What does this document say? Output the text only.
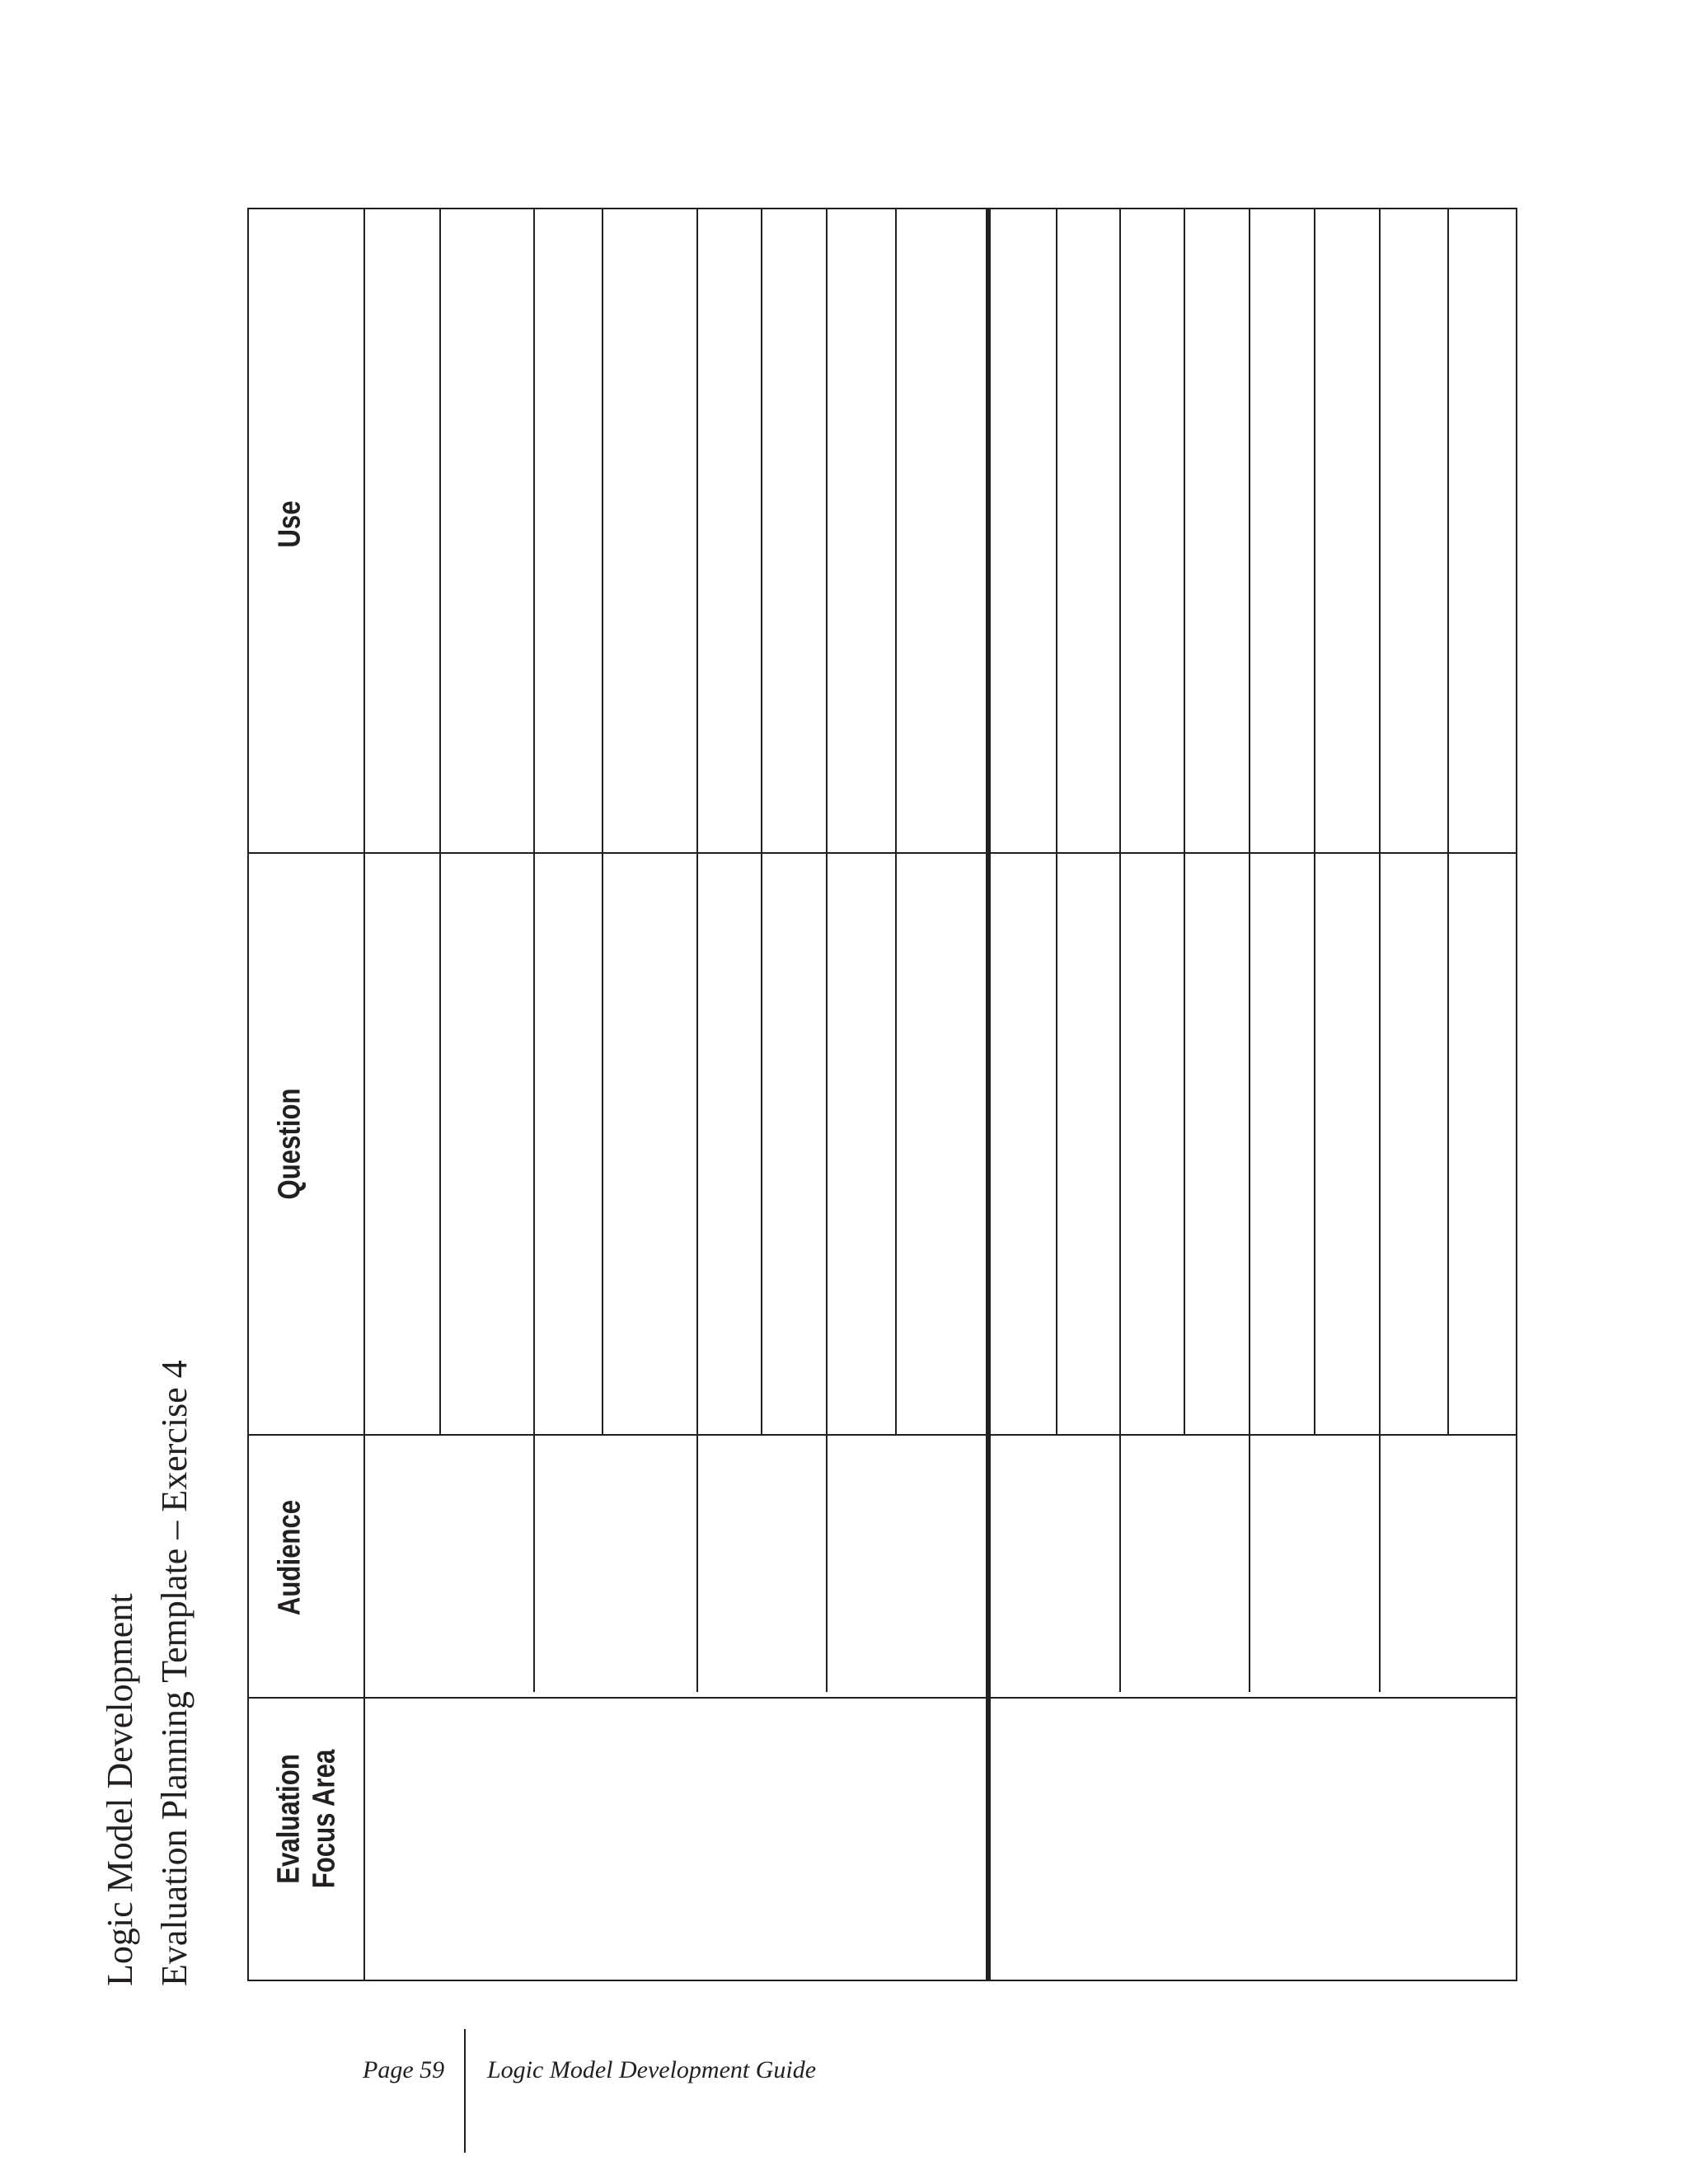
Logic Model Development Evaluation Planning Template – Exercise 4 Evaluation Focus Area
Audience
Question
Use
Page 59 Logic Model Development Guide
